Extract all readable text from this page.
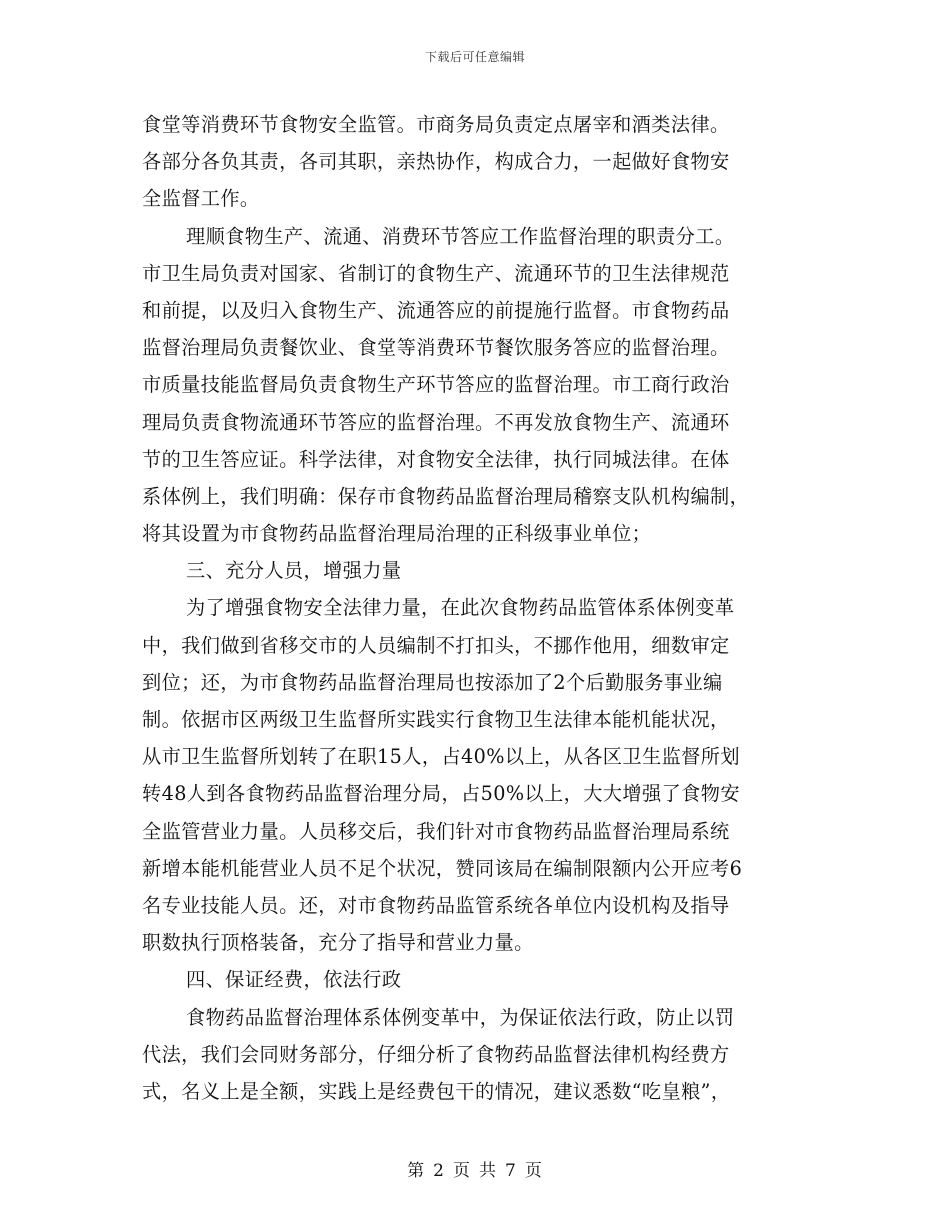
下载后可任意编辑
食堂等消费环节食物安全监管。市商务局负责定点屠宰和酒类法律。
各部分各负其责，各司其职，亲热协作，构成合力，一起做好食物安
全监督工作。
理顺食物生产、流通、消费环节答应工作监督治理的职责分工。
市卫生局负责对国家、省制订的食物生产、流通环节的卫生法律规范
和前提，以及归入食物生产、流通答应的前提施行监督。市食物药品
监督治理局负责餐饮业、食堂等消费环节餐饮服务答应的监督治理。
市质量技能监督局负责食物生产环节答应的监督治理。市工商行政治
理局负责食物流通环节答应的监督治理。不再发放食物生产、流通环
节的卫生答应证。科学法律，对食物安全法律，执行同城法律。在体
系体例上，我们明确：保存市食物药品监督治理局稽察支队机构编制，
将其设置为市食物药品监督治理局治理的正科级事业单位；
三、充分人员，增强力量
为了增强食物安全法律力量，在此次食物药品监管体系体例变革
中，我们做到省移交市的人员编制不打扣头，不挪作他用，细数审定
到位；还，为市食物药品监督治理局也按添加了2个后勤服务事业编
制。依据市区两级卫生监督所实践实行食物卫生法律本能机能状况，
从市卫生监督所划转了在职15人，占40%以上，从各区卫生监督所划
转48人到各食物药品监督治理分局，占50%以上，大大增强了食物安
全监管营业力量。人员移交后，我们针对市食物药品监督治理局系统
新增本能机能营业人员不足个状况，赞同该局在编制限额内公开应考6
名专业技能人员。还，对市食物药品监管系统各单位内设机构及指导
职数执行顶格装备，充分了指导和营业力量。
四、保证经费，依法行政
食物药品监督治理体系体例变革中，为保证依法行政，防止以罚
代法，我们会同财务部分，仔细分析了食物药品监督法律机构经费方
式，名义上是全额，实践上是经费包干的情况，建议悉数“吃皇粮”，
第 2 页 共 7 页
